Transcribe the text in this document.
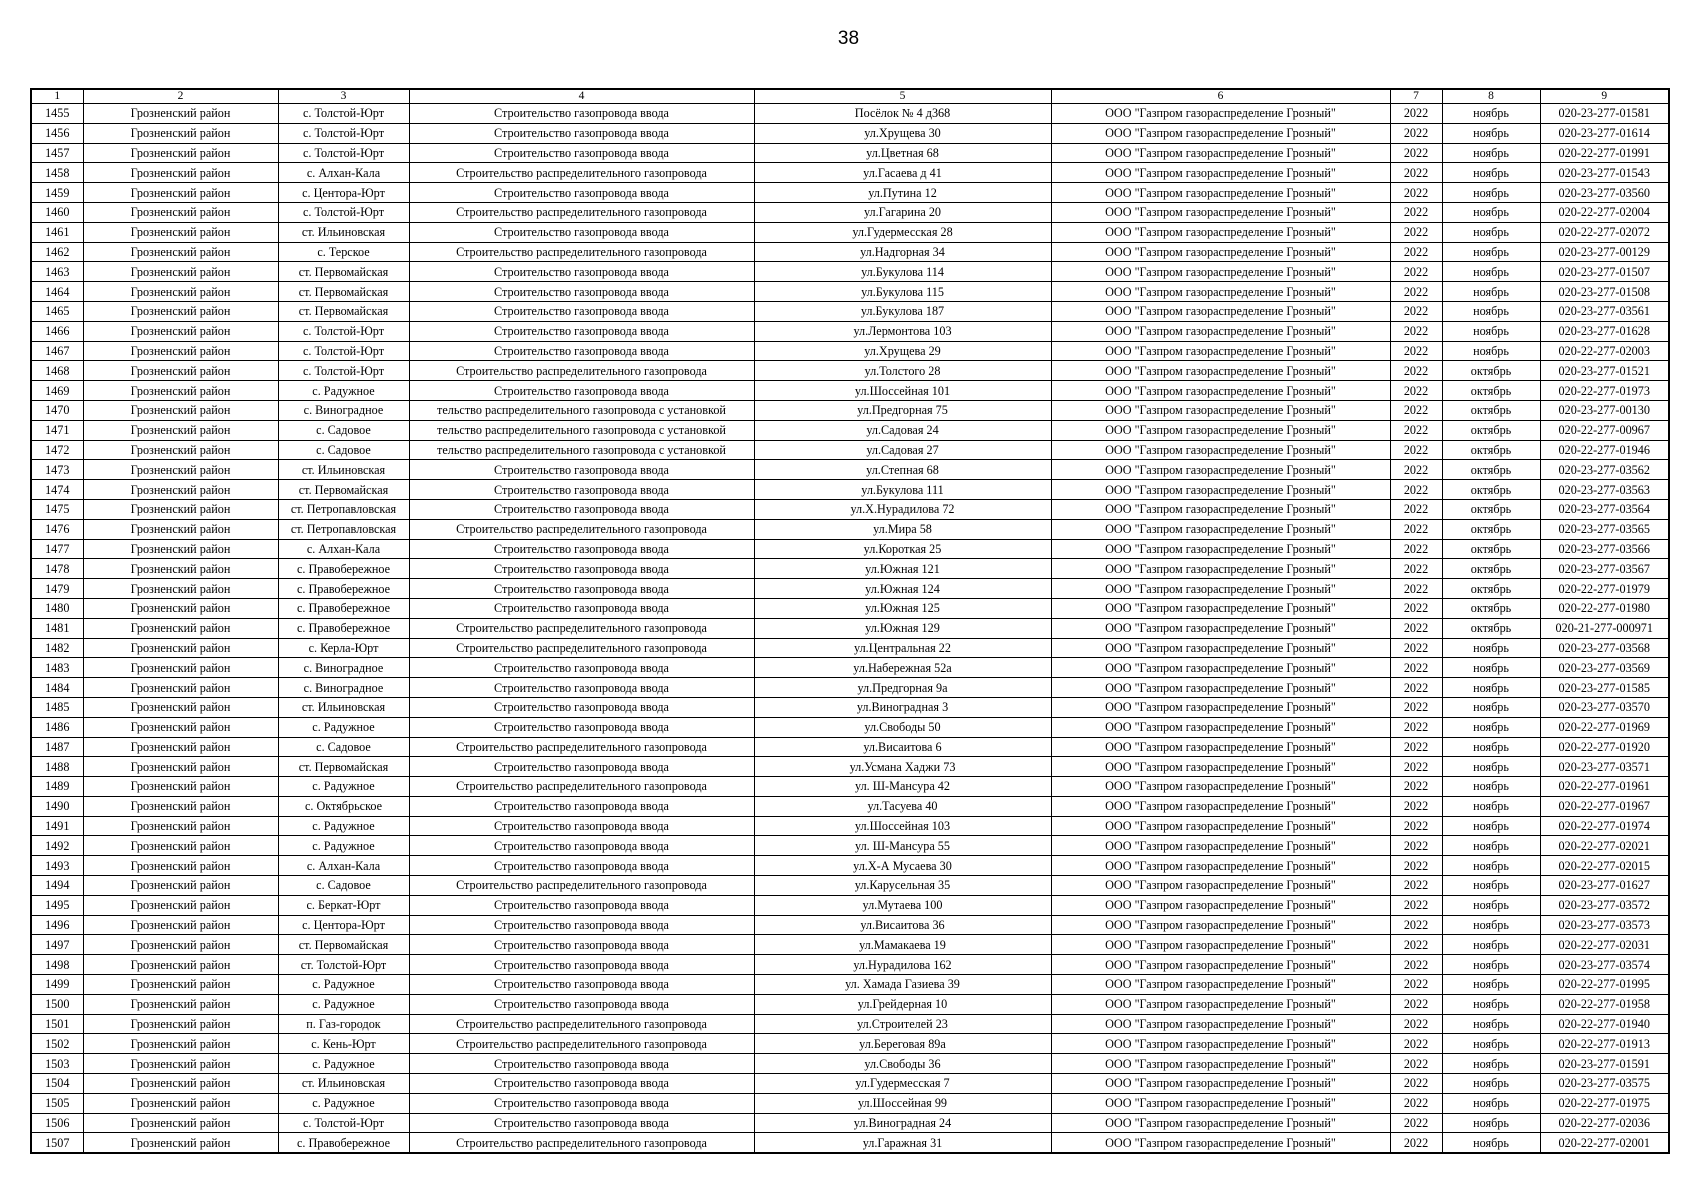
38
1	2	3	4	5	6	7	8	9
1455	Грозненский район	с. Толстой-Юрт	Строительство газопровода ввода	Посёлок № 4 д368	ООО "Газпром газораспределение Грозный"	2022	ноябрь	020-23-277-01581
1456	Грозненский район	с. Толстой-Юрт	Строительство газопровода ввода	ул.Хрущева 30	ООО "Газпром газораспределение Грозный"	2022	ноябрь	020-23-277-01614
1457	Грозненский район	с. Толстой-Юрт	Строительство газопровода ввода	ул.Цветная 68	ООО "Газпром газораспределение Грозный"	2022	ноябрь	020-22-277-01991
1458	Грозненский район	с. Алхан-Кала	Строительство распределительного газопровода	ул.Гасаева д 41	ООО "Газпром газораспределение Грозный"	2022	ноябрь	020-23-277-01543
1459	Грозненский район	с. Центора-Юрт	Строительство газопровода ввода	ул.Путина 12	ООО "Газпром газораспределение Грозный"	2022	ноябрь	020-23-277-03560
1460	Грозненский район	с. Толстой-Юрт	Строительство распределительного газопровода	ул.Гагарина 20	ООО "Газпром газораспределение Грозный"	2022	ноябрь	020-22-277-02004
1461	Грозненский район	ст. Ильиновская	Строительство газопровода ввода	ул.Гудермесская 28	ООО "Газпром газораспределение Грозный"	2022	ноябрь	020-22-277-02072
1462	Грозненский район	с. Терское	Строительство распределительного газопровода	ул.Надгорная 34	ООО "Газпром газораспределение Грозный"	2022	ноябрь	020-23-277-00129
1463	Грозненский район	ст. Первомайская	Строительство газопровода ввода	ул.Букулова 114	ООО "Газпром газораспределение Грозный"	2022	ноябрь	020-23-277-01507
1464	Грозненский район	ст. Первомайская	Строительство газопровода ввода	ул.Букулова 115	ООО "Газпром газораспределение Грозный"	2022	ноябрь	020-23-277-01508
1465	Грозненский район	ст. Первомайская	Строительство газопровода ввода	ул.Букулова 187	ООО "Газпром газораспределение Грозный"	2022	ноябрь	020-23-277-03561
1466	Грозненский район	с. Толстой-Юрт	Строительство газопровода ввода	ул.Лермонтова 103	ООО "Газпром газораспределение Грозный"	2022	ноябрь	020-23-277-01628
1467	Грозненский район	с. Толстой-Юрт	Строительство газопровода ввода	ул.Хрущева 29	ООО "Газпром газораспределение Грозный"	2022	ноябрь	020-22-277-02003
1468	Грозненский район	с. Толстой-Юрт	Строительство распределительного газопровода	ул.Толстого 28	ООО "Газпром газораспределение Грозный"	2022	октябрь	020-23-277-01521
1469	Грозненский район	с. Радужное	Строительство газопровода ввода	ул.Шоссейная 101	ООО "Газпром газораспределение Грозный"	2022	октябрь	020-22-277-01973
1470	Грозненский район	с. Виноградное	тельство распределительного газопровода с установкой	ул.Предгорная 75	ООО "Газпром газораспределение Грозный"	2022	октябрь	020-23-277-00130
1471	Грозненский район	с. Садовое	тельство распределительного газопровода с установкой	ул.Садовая 24	ООО "Газпром газораспределение Грозный"	2022	октябрь	020-22-277-00967
1472	Грозненский район	с. Садовое	тельство распределительного газопровода с установкой	ул.Садовая 27	ООО "Газпром газораспределение Грозный"	2022	октябрь	020-22-277-01946
1473	Грозненский район	ст. Ильиновская	Строительство газопровода ввода	ул.Степная 68	ООО "Газпром газораспределение Грозный"	2022	октябрь	020-23-277-03562
1474	Грозненский район	ст. Первомайская	Строительство газопровода ввода	ул.Букулова 111	ООО "Газпром газораспределение Грозный"	2022	октябрь	020-23-277-03563
1475	Грозненский район	ст. Петропавловская	Строительство газопровода ввода	ул.Х.Нурадилова 72	ООО "Газпром газораспределение Грозный"	2022	октябрь	020-23-277-03564
1476	Грозненский район	ст. Петропавловская	Строительство распределительного газопровода	ул.Мира 58	ООО "Газпром газораспределение Грозный"	2022	октябрь	020-23-277-03565
1477	Грозненский район	с. Алхан-Кала	Строительство газопровода ввода	ул.Короткая 25	ООО "Газпром газораспределение Грозный"	2022	октябрь	020-23-277-03566
1478	Грозненский район	с. Правобережное	Строительство газопровода ввода	ул.Южная 121	ООО "Газпром газораспределение Грозный"	2022	октябрь	020-23-277-03567
1479	Грозненский район	с. Правобережное	Строительство газопровода ввода	ул.Южная 124	ООО "Газпром газораспределение Грозный"	2022	октябрь	020-22-277-01979
1480	Грозненский район	с. Правобережное	Строительство газопровода ввода	ул.Южная 125	ООО "Газпром газораспределение Грозный"	2022	октябрь	020-22-277-01980
1481	Грозненский район	с. Правобережное	Строительство распределительного газопровода	ул.Южная 129	ООО "Газпром газораспределение Грозный"	2022	октябрь	020-21-277-000971
1482	Грозненский район	с. Керла-Юрт	Строительство распределительного газопровода	ул.Центральная 22	ООО "Газпром газораспределение Грозный"	2022	ноябрь	020-23-277-03568
1483	Грозненский район	с. Виноградное	Строительство газопровода ввода	ул.Набережная 52а	ООО "Газпром газораспределение Грозный"	2022	ноябрь	020-23-277-03569
1484	Грозненский район	с. Виноградное	Строительство газопровода ввода	ул.Предгорная 9а	ООО "Газпром газораспределение Грозный"	2022	ноябрь	020-23-277-01585
1485	Грозненский район	ст. Ильиновская	Строительство газопровода ввода	ул.Виноградная 3	ООО "Газпром газораспределение Грозный"	2022	ноябрь	020-23-277-03570
1486	Грозненский район	с. Радужное	Строительство газопровода ввода	ул.Свободы 50	ООО "Газпром газораспределение Грозный"	2022	ноябрь	020-22-277-01969
1487	Грозненский район	с. Садовое	Строительство распределительного газопровода	ул.Висаитова 6	ООО "Газпром газораспределение Грозный"	2022	ноябрь	020-22-277-01920
1488	Грозненский район	ст. Первомайская	Строительство газопровода ввода	ул.Усмана Хаджи 73	ООО "Газпром газораспределение Грозный"	2022	ноябрь	020-23-277-03571
1489	Грозненский район	с. Радужное	Строительство распределительного газопровода	ул. Ш-Мансура 42	ООО "Газпром газораспределение Грозный"	2022	ноябрь	020-22-277-01961
1490	Грозненский район	с. Октябрьское	Строительство газопровода ввода	ул.Тасуева 40	ООО "Газпром газораспределение Грозный"	2022	ноябрь	020-22-277-01967
1491	Грозненский район	с. Радужное	Строительство газопровода ввода	ул.Шоссейная 103	ООО "Газпром газораспределение Грозный"	2022	ноябрь	020-22-277-01974
1492	Грозненский район	с. Радужное	Строительство газопровода ввода	ул. Ш-Мансура 55	ООО "Газпром газораспределение Грозный"	2022	ноябрь	020-22-277-02021
1493	Грозненский район	с. Алхан-Кала	Строительство газопровода ввода	ул.Х-А Мусаева 30	ООО "Газпром газораспределение Грозный"	2022	ноябрь	020-22-277-02015
1494	Грозненский район	с. Садовое	Строительство распределительного газопровода	ул.Карусельная 35	ООО "Газпром газораспределение Грозный"	2022	ноябрь	020-23-277-01627
1495	Грозненский район	с. Беркат-Юрт	Строительство газопровода ввода	ул.Мутаева 100	ООО "Газпром газораспределение Грозный"	2022	ноябрь	020-23-277-03572
1496	Грозненский район	с. Центора-Юрт	Строительство газопровода ввода	ул.Висаитова 36	ООО "Газпром газораспределение Грозный"	2022	ноябрь	020-23-277-03573
1497	Грозненский район	ст. Первомайская	Строительство газопровода ввода	ул.Мамакаева 19	ООО "Газпром газораспределение Грозный"	2022	ноябрь	020-22-277-02031
1498	Грозненский район	ст. Толстой-Юрт	Строительство газопровода ввода	ул.Нурадилова 162	ООО "Газпром газораспределение Грозный"	2022	ноябрь	020-23-277-03574
1499	Грозненский район	с. Радужное	Строительство газопровода ввода	ул. Хамада Газиева 39	ООО "Газпром газораспределение Грозный"	2022	ноябрь	020-22-277-01995
1500	Грозненский район	с. Радужное	Строительство газопровода ввода	ул.Грейдерная 10	ООО "Газпром газораспределение Грозный"	2022	ноябрь	020-22-277-01958
1501	Грозненский район	п. Газ-городок	Строительство распределительного газопровода	ул.Строителей 23	ООО "Газпром газораспределение Грозный"	2022	ноябрь	020-22-277-01940
1502	Грозненский район	с. Кень-Юрт	Строительство распределительного газопровода	ул.Береговая 89а	ООО "Газпром газораспределение Грозный"	2022	ноябрь	020-22-277-01913
1503	Грозненский район	с. Радужное	Строительство газопровода ввода	ул.Свободы 36	ООО "Газпром газораспределение Грозный"	2022	ноябрь	020-23-277-01591
1504	Грозненский район	ст. Ильиновская	Строительство газопровода ввода	ул.Гудермесская 7	ООО "Газпром газораспределение Грозный"	2022	ноябрь	020-23-277-03575
1505	Грозненский район	с. Радужное	Строительство газопровода ввода	ул.Шоссейная 99	ООО "Газпром газораспределение Грозный"	2022	ноябрь	020-22-277-01975
1506	Грозненский район	с. Толстой-Юрт	Строительство газопровода ввода	ул.Виноградная 24	ООО "Газпром газораспределение Грозный"	2022	ноябрь	020-22-277-02036
1507	Грозненский район	с. Правобережное	Строительство распределительного газопровода	ул.Гаражная 31	ООО "Газпром газораспределение Грозный"	2022	ноябрь	020-22-277-02001
